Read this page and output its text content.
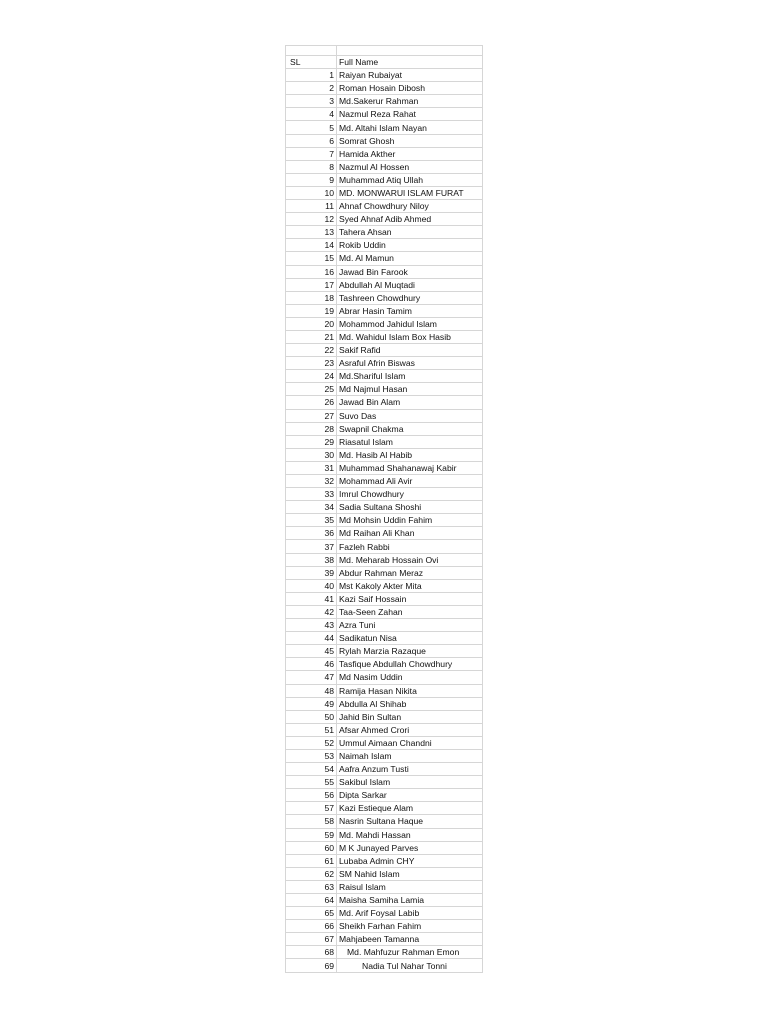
SL	Full Name
1	Raiyan Rubaiyat
2	Roman Hosain Dibosh
3	Md.Sakerur Rahman
4	Nazmul Reza Rahat
5	Md. Altahi Islam Nayan
6	Somrat Ghosh
7	Hamida Akther
8	Nazmul Al Hossen
9	Muhammad Atiq Ullah
10	MD. MONWARUl ISLAM FURAT
11	Ahnaf Chowdhury Niloy
12	Syed Ahnaf Adib Ahmed
13	Tahera Ahsan
14	Rokib Uddin
15	Md. Al Mamun
16	Jawad Bin Farook
17	Abdullah Al Muqtadi
18	Tashreen Chowdhury
19	Abrar Hasin Tamim
20	Mohammod Jahidul Islam
21	Md. Wahidul Islam Box Hasib
22	Sakif Rafid
23	Asraful Afrin Biswas
24	Md.Shariful Islam
25	Md Najmul Hasan
26	Jawad Bin Alam
27	Suvo Das
28	Swapnil Chakma
29	Riasatul Islam
30	Md. Hasib Al Habib
31	Muhammad Shahanawaj Kabir
32	Mohammad Ali Avir
33	Imrul Chowdhury
34	Sadia Sultana Shoshi
35	Md Mohsin Uddin Fahim
36	Md Raihan Ali Khan
37	Fazleh Rabbi
38	Md. Meharab Hossain Ovi
39	Abdur Rahman Meraz
40	Mst Kakoly Akter Mita
41	Kazi Saif Hossain
42	Taa-Seen Zahan
43	Azra Tuni
44	Sadikatun Nisa
45	Rylah Marzia Razaque
46	Tasfique Abdullah Chowdhury
47	Md Nasim Uddin
48	Ramija Hasan Nikita
49	Abdulla Al Shihab
50	Jahid Bin Sultan
51	Afsar Ahmed Crori
52	Ummul Aimaan Chandni
53	Naimah Islam
54	Aafra Anzum Tusti
55	Sakibul Islam
56	Dipta Sarkar
57	Kazi Estieque Alam
58	Nasrin Sultana Haque
59	Md. Mahdi Hassan
60	M K Junayed Parves
61	Lubaba Admin CHY
62	SM Nahid Islam
63	Raisul Islam
64	Maisha Samiha Lamia
65	Md. Arif Foysal Labib
66	Sheikh Farhan Fahim
67	Mahjabeen Tamanna
68	Md. Mahfuzur Rahman Emon
69	Nadia Tul Nahar Tonni
